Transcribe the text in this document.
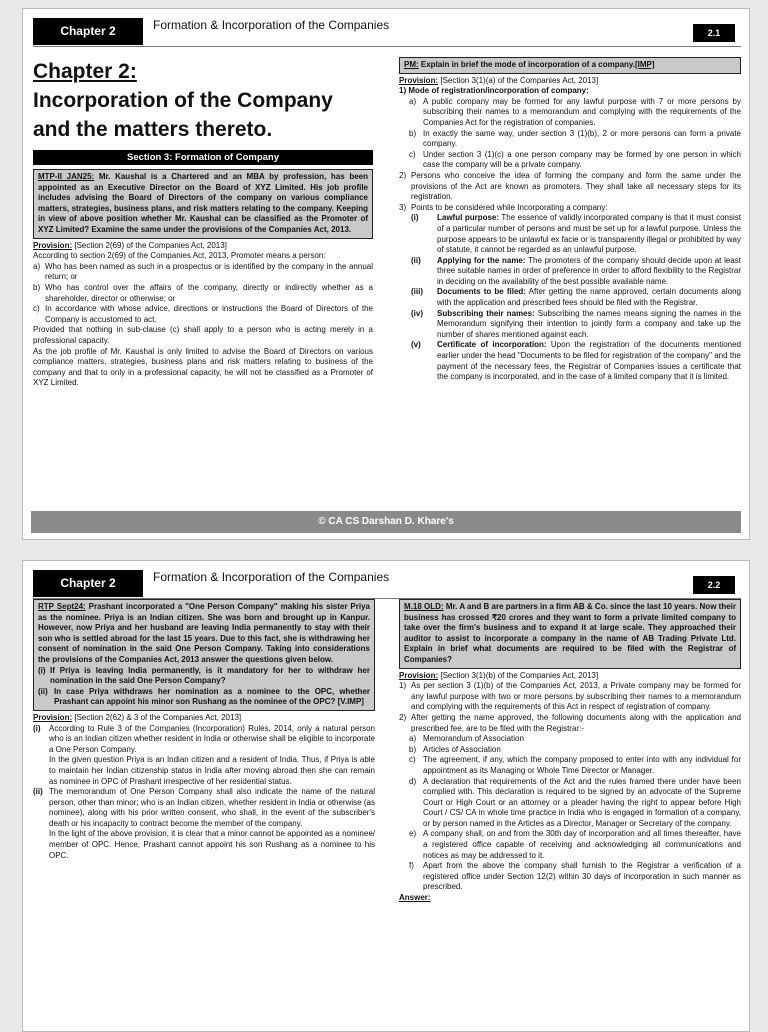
Chapter 2	Formation & Incorporation of the Companies
2.1
Chapter 2:
Incorporation of the Company
and the matters thereto.
Section 3: Formation of Company
MTP-II JAN25: Mr. Kaushal is a Chartered and an MBA by profession, has been appointed as an Executive Director on the Board of XYZ Limited. His job profile includes advising the Board of Directors of the company on various compliance matters, strategies, business plans, and risk matters relating to the company. Keeping in view of above position whether Mr. Kaushal can be classified as the Promoter of XYZ Limited? Examine the same under the provisions of the Companies Act, 2013.
Provision: [Section 2(69) of the Companies Act, 2013]
According to section 2(69) of the Companies Act, 2013, Promoter means a person:
a) Who has been named as such in a prospectus or is identified by the company in the annual return; or
b) Who has control over the affairs of the company, directly or indirectly whether as a shareholder, director or otherwise; or
c) In accordance with whose advice, directions or instructions the Board of Directors of the Company is accustomed to act.
Provided that nothing in sub-clause (c) shall apply to a person who is acting merely in a professional capacity.
As the job profile of Mr. Kaushal is only limited to advise the Board of Directors on various compliance matters, strategies, business plans and risk matters relating to business of the company and that to only in a professional capacity, he will not be classified as a Promoter of XYZ Limited.
PM: Explain in brief the mode of incorporation of a company.[IMP]
Provision: [Section 3(1)(a) of the Companies Act, 2013]
1) Mode of registration/incorporation of company:
a) A public company may be formed for any lawful purpose with 7 or more persons by subscribing their names to a memorandum and complying with the requirements of the Companies Act for the registration of companies.
b) In exactly the same way, under section 3 (1)(b), 2 or more persons can form a private company.
c) Under section 3 (1)(c) a one person company may be formed by one person in which case the company will be a private company.
2) Persons who conceive the idea of forming the company and form the same under the provisions of the Act are known as promoters. They shall take all necessary steps for its registration.
3) Points to be considered while Incorporating a company:
(i) Lawful purpose: The essence of validly incorporated company is that it must consist of a particular number of persons and must be set up for a lawful purpose. Unless the purpose appears to be unlawful ex facie or is transparently illegal or prohibited by way of statute, it cannot be regarded as an unlawful purpose.
(ii) Applying for the name: The promoters of the company should decide upon at least three suitable names in order of preference in order to afford flexibility to the Registrar in deciding on the availability of the best possible available name.
(iii) Documents to be filed: After getting the name approved, certain documents along with the application and prescribed fees should be filed with the Registrar.
(iv) Subscribing their names: Subscribing the names means signing the names in the Memorandum signifying their intention to jointly form a company and take up the number of shares mentioned against each.
(v) Certificate of incorporation: Upon the registration of the documents mentioned earlier under the head "Documents to be filed for registration of the company" and the payment of the necessary fees, the Registrar of Companies issues a certificate that the company is incorporated, and in the case of a limited company that it is limited.
© CA CS Darshan D. Khare's
Chapter 2	Formation & Incorporation of the Companies
2.2
RTP Sept24: Prashant incorporated a "One Person Company" making his sister Priya as the nominee. Priya is an Indian citizen. She was born and brought up in Kanpur. However, now Priya and her husband are leaving India permanently to stay with their son who is settled abroad for the last 15 years. Due to this fact, she is withdrawing her consent of nomination in the said One Person Company. Taking into considerations the provisions of the Companies Act, 2013 answer the questions given below.
(i) If Priya is leaving India permanently, is it mandatory for her to withdraw her nomination in the said One Person Company?
(ii) In case Priya withdraws her nomination as a nominee to the OPC, whether Prashant can appoint his minor son Rushang as the nominee of the OPC? [V.IMP]
Provision: [Section 2(62) & 3 of the Companies Act, 2013]
(i) According to Rule 3 of the Companies (Incorporation) Rules, 2014, only a natural person who is an Indian citizen whether resident in India or otherwise shall be eligible to incorporate a One Person Company.
In the given question Priya is an Indian citizen and a resident of India. Thus, if Priya is able to maintain her Indian citizenship status in India after moving abroad then she can remain as nominee in OPC of Prashant irrespective of her residential status.
(ii) The memorandum of One Person Company shall also indicate the name of the natural person, other than minor; who is an Indian citizen, whether resident in India or otherwise (as nominee), along with his prior written consent, who shall, in the event of the subscriber's death or his incapacity to contract become the member of the company.
In the light of the above provision, it is clear that a minor cannot be appointed as a nominee/ member of OPC. Hence, Prashant cannot appoint his son Rushang as a nominee to his OPC.
M.18 OLD: Mr. A and B are partners in a firm AB & Co. since the last 10 years. Now their business has crossed ₹20 crores and they want to form a private limited company to take over the firm's business and to expand it at large scale. They approached their auditor to assist to incorporate a company in the name of AB Trading Private Ltd. Explain in brief what documents are required to be filed with the Registrar of Companies?
Provision: [Section 3(1)(b) of the Companies Act, 2013]
1) As per section 3 (1)(b) of the Companies Act, 2013, a Private company may be formed for any lawful purpose with two or more persons by subscribing their names to a memorandum and complying with the requirements of this Act in respect of registration of company.
2) After getting the name approved, the following documents along with the application and prescribed fee, are to be filed with the Registrar:-
a) Memorandum of Association
b) Articles of Association
c) The agreement, if any, which the company proposed to enter into with any individual for appointment as its Managing or Whole Time Director or Manager.
d) A declaration that requirements of the Act and the rules framed there under have been complied with. This declaration is required to be signed by an advocate of the Supreme Court or High Court or an attorney or a pleader having the right to appear before High Court / CS/ CA in whole time practice in India who is engaged in formation of a company, or by person named in the Articles as a Director, Manager or Secretary of the company.
e) A company shall, on and from the 30th day of incorporation and all times thereafter, have a registered office capable of receiving and acknowledging all communications and notices as may be addressed to it.
f) Apart from the above the company shall furnish to the Registrar a verification of a registered office under Section 12(2) within 30 days of incorporation in such manner as prescribed.
Answer:
